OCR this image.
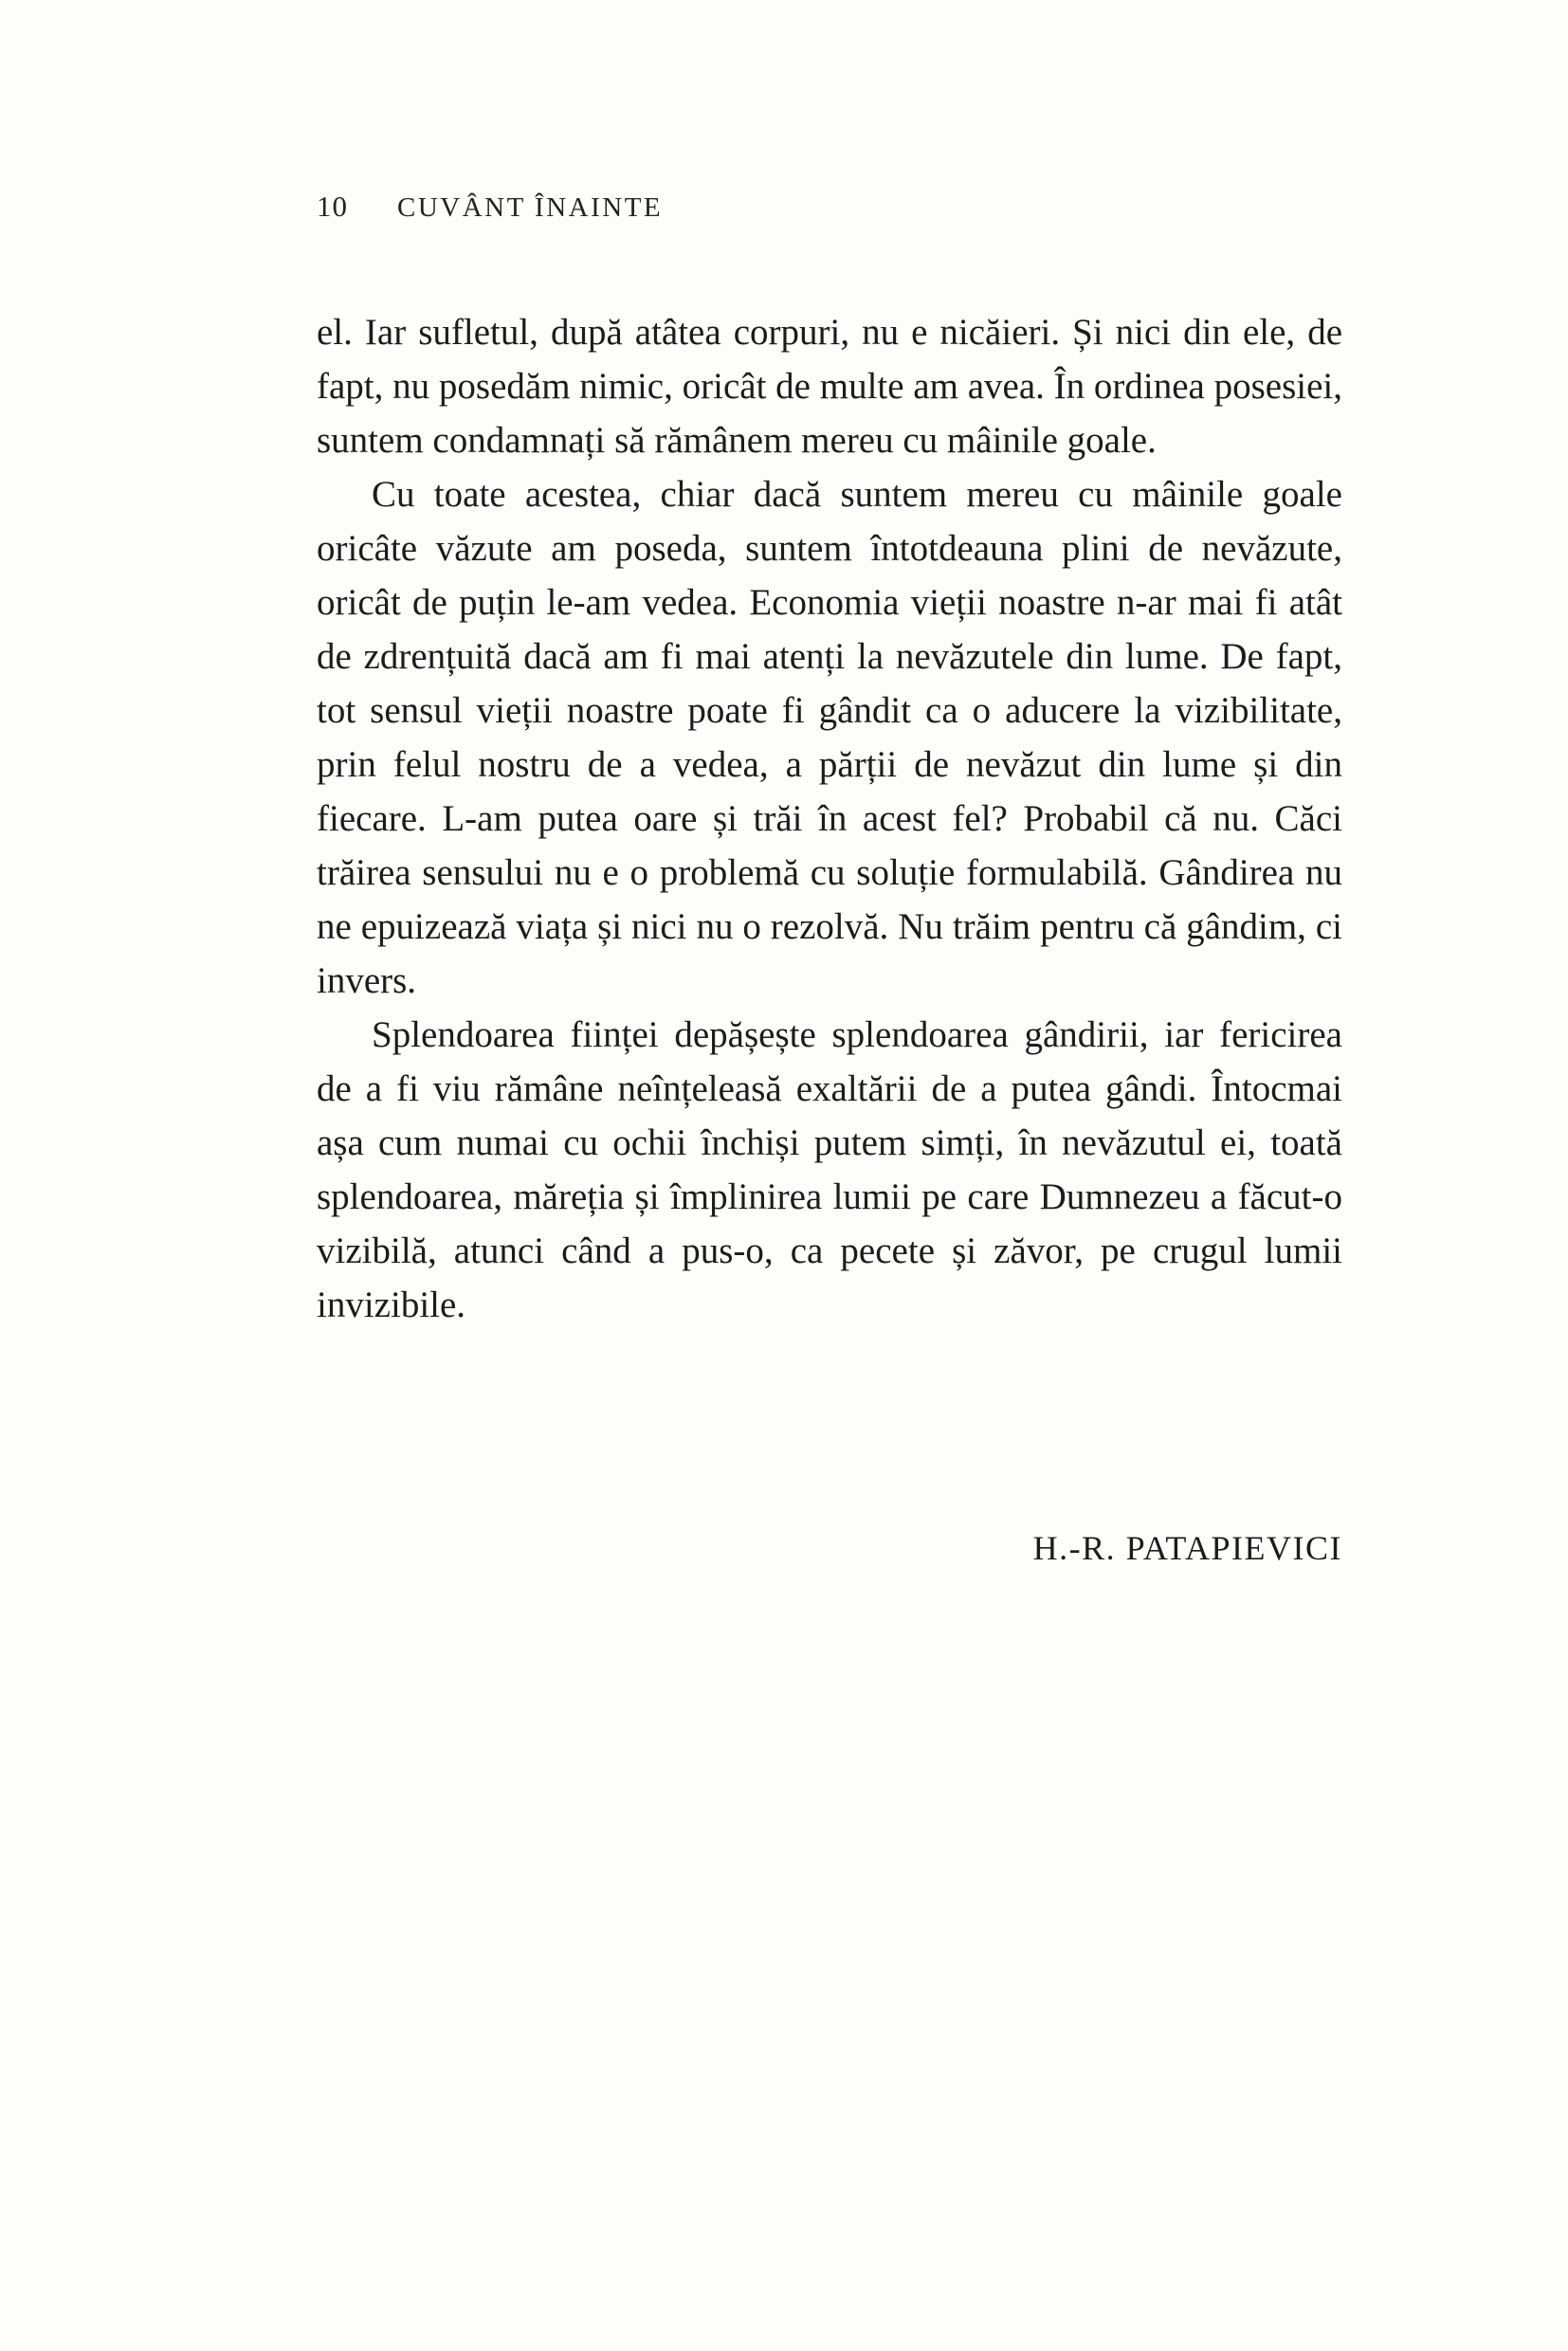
10 CUVÂNT ÎNAINTE

el. Iar sufletul, după atâtea corpuri, nu e nicăieri. Și nici din ele, de fapt, nu posedăm nimic, oricât de multe am avea. În ordinea posesiei, suntem condamnați să rămânem mereu cu mâinile goale.

Cu toate acestea, chiar dacă suntem mereu cu mâinile goale oricâte văzute am poseda, suntem întotdeauna plini de nevăzute, oricât de puțin le-am vedea. Economia vieții noastre n-ar mai fi atât de zdrențuită dacă am fi mai atenți la nevăzutele din lume. De fapt, tot sensul vieții noastre poate fi gândit ca o aducere la vizibilitate, prin felul nostru de a vedea, a părții de nevăzut din lume și din fiecare. L-am putea oare și trăi în acest fel? Probabil că nu. Căci trăirea sensului nu e o problemă cu soluție formulabilă. Gândirea nu ne epuizează viața și nici nu o rezolvă. Nu trăim pentru că gândim, ci invers.

Splendoarea ființei depășește splendoarea gândirii, iar fericirea de a fi viu rămâne neînțeleasă exaltării de a putea gândi. Întocmai așa cum numai cu ochii închiși putem simți, în nevăzutul ei, toată splendoarea, măreția și împlinirea lumii pe care Dumnezeu a făcut-o vizibilă, atunci când a pus-o, ca pecete și zăvor, pe crugul lumii invizibile.

H.-R. PATAPIEVICI
